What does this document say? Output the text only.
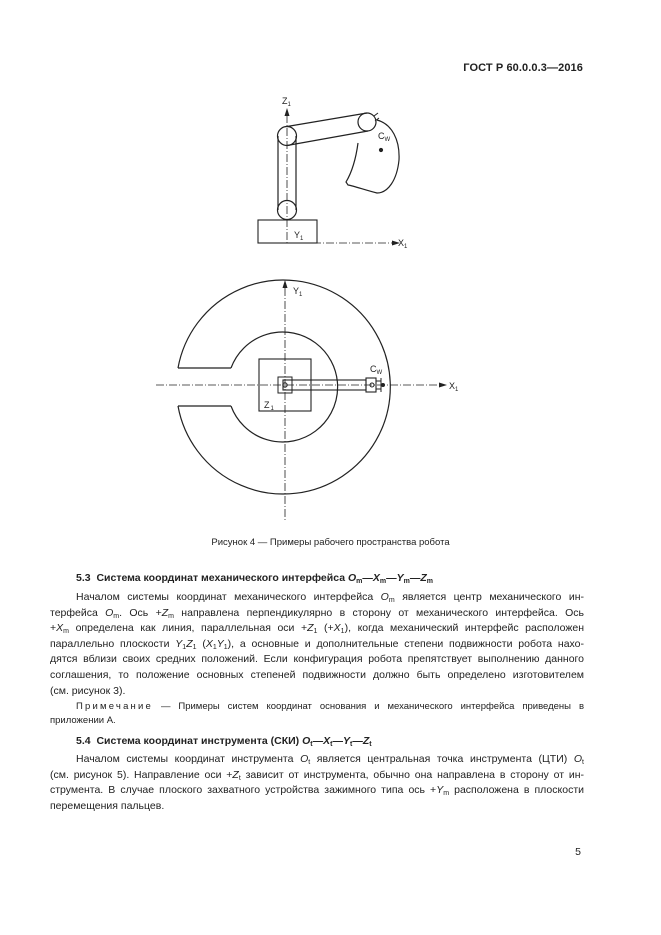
ГОСТ Р 60.0.0.3—2016
$Z_1$
$C_W$
$Y_1$	$X_1$
$Y_1$
$C_W$
$X_1$
$Z_1$
Рисунок 4 — Примеры рабочего пространства робота
5.3 Система координат механического интерфейса $O_m—X_m—Y_m—Z_m$
Началом системы координат механического интерфейса $O_m$ является центр механического ин-
терфейса $O_m$. Ось $+Z_m$ направлена перпендикулярно в сторону от механического интерфейса. Ось
$+X_m$ определена как линия, параллельная оси $+Z_1$ $(+X_1)$, когда механический интерфейс расположен
параллельно плоскости $Y_1Z_1$ $(X_1Y_1)$, а основные и дополнительные степени подвижности робота нахо-
дятся вблизи своих средних положений. Если конфигурация робота препятствует выполнению данного
соглашения, то положение основных степеней подвижности должно быть определено изготовителем
(см. рисунок 3).
Примечание — Примеры систем координат основания и механического интерфейса приведены в
приложении А.
5.4 Система координат инструмента (СКИ) $O_t—X_t—Y_t—Z_t$
Началом системы координат инструмента $O_t$ является центральная точка инструмента (ЦТИ) $O_t$
(см. рисунок 5). Направление оси $+Z_t$ зависит от инструмента, обычно она направлена в сторону от ин-
струмента. В случае плоского захватного устройства зажимного типа ось $+Y_m$ расположена в плоскости
перемещения пальцев.
5
